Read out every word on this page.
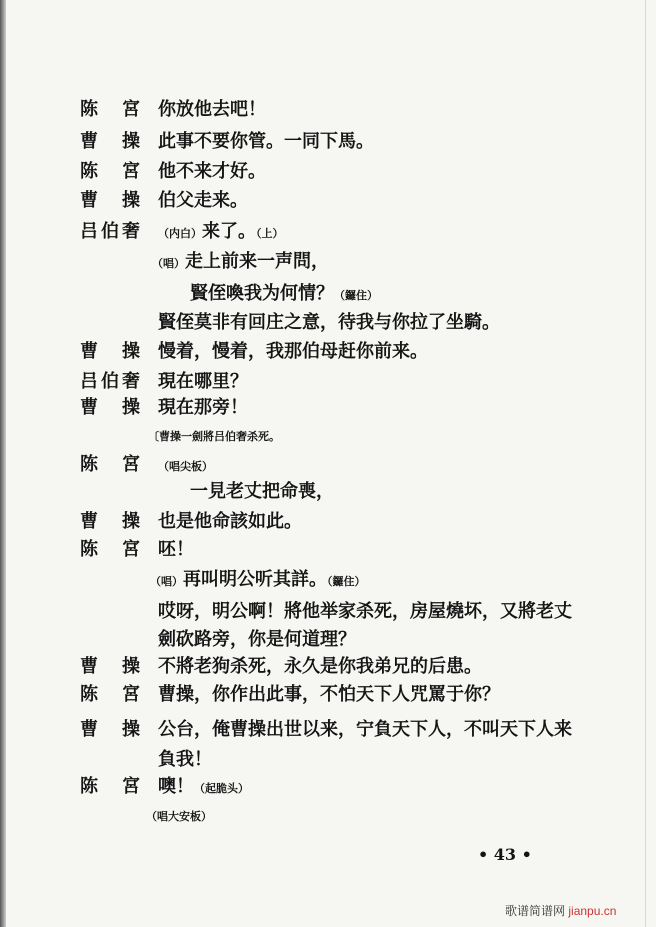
陈宮 你放他去吧！
曹操 此事不要你管。一同下馬。
陈宮 他不来才好。
曹操 伯父走来。
吕伯奢 （内白）来了。（上）
（唱）走上前来一声問，
賢侄喚我为何情？（鑼住）
賢侄莫非有回庄之意，待我与你拉了坐騎。
曹操 慢着，慢着，我那伯母赶你前来。
吕伯奢 現在哪里？
曹操 現在那旁！
〔曹操一劍將吕伯奢杀死。
陈宮 （唱尖板）
一見老丈把命喪，
曹操 也是他命該如此。
陈宮 呸！
（唱）再叫明公听其詳。（鑼住）
哎呀，明公啊！將他举家杀死，房屋燒坏，又將老丈
劍砍路旁，你是何道理？
曹操 不將老狗杀死，永久是你我弟兄的后患。
陈宮 曹操，你作出此事，不怕天下人咒罵于你？
曹操 公台，俺曹操出世以来，宁負天下人，不叫天下人来
負我！
陈宮 噢！（起脆头）
（唱大安板）
• 43 •
歌谱简谱网 jianpu.cn
